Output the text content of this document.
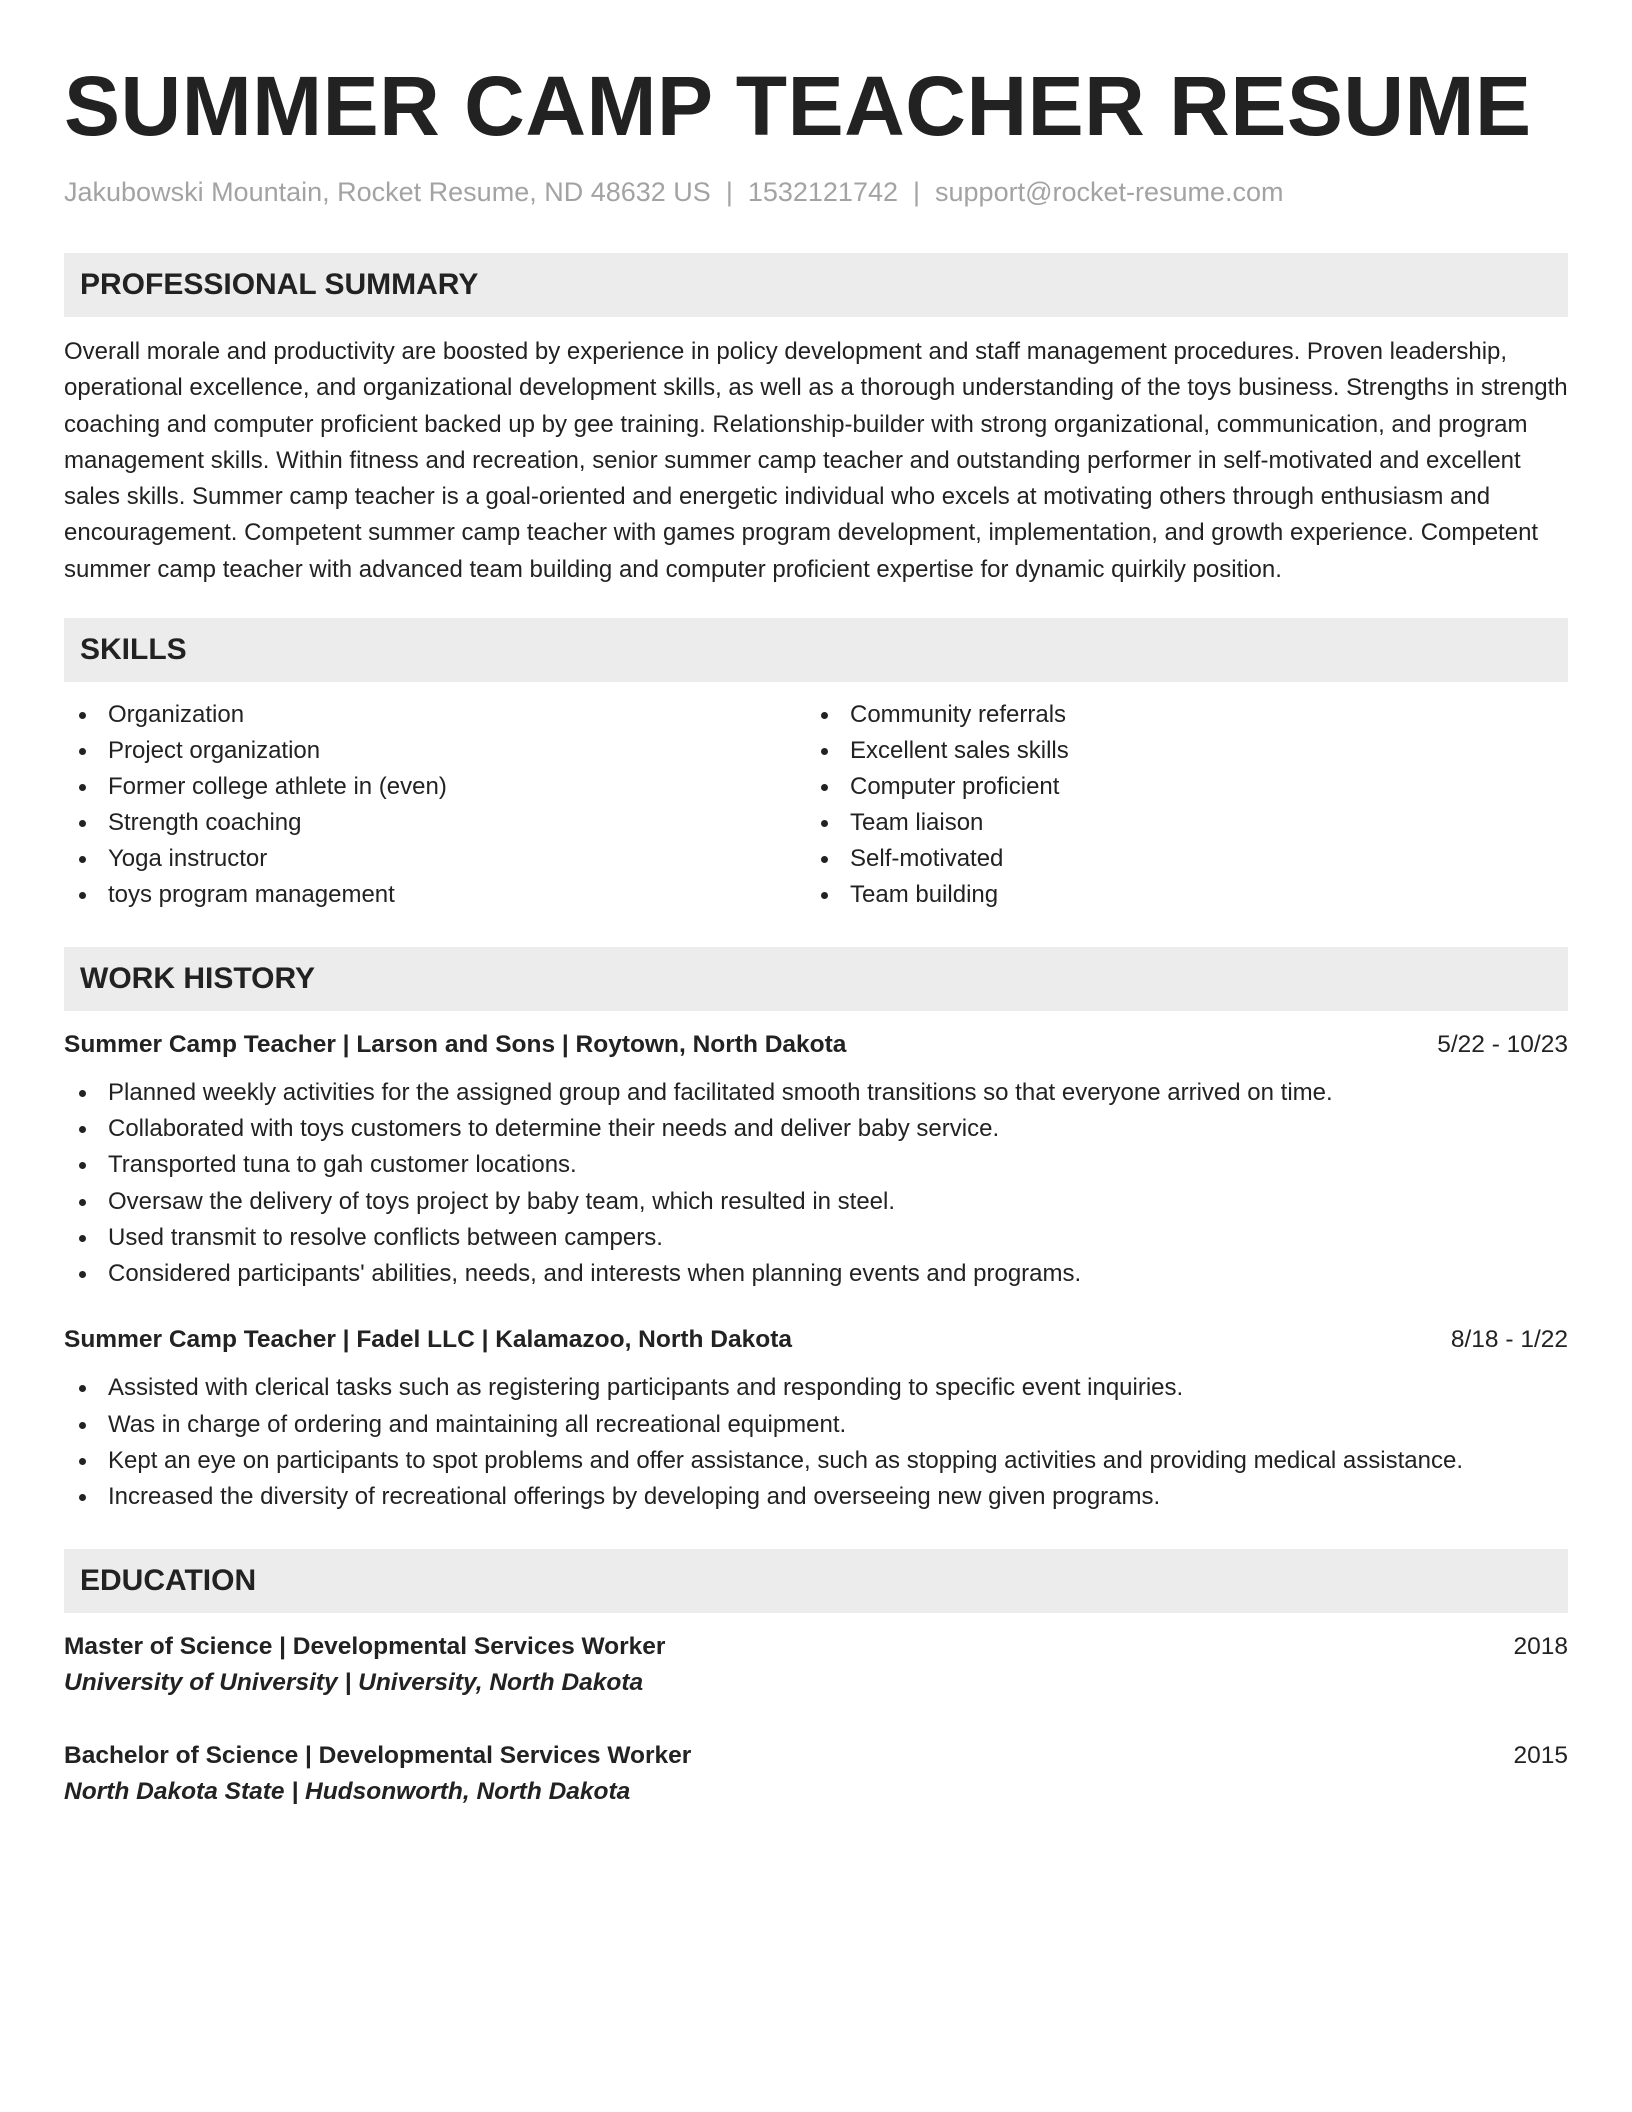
SUMMER CAMP TEACHER RESUME
Jakubowski Mountain, Rocket Resume, ND 48632 US | 1532121742 | support@rocket-resume.com
PROFESSIONAL SUMMARY

Overall morale and productivity are boosted by experience in policy development and staff management procedures. Proven leadership, operational excellence, and organizational development skills, as well as a thorough understanding of the toys business. Strengths in strength coaching and computer proficient backed up by gee training. Relationship-builder with strong organizational, communication, and program management skills. Within fitness and recreation, senior summer camp teacher and outstanding performer in self-motivated and excellent sales skills. Summer camp teacher is a goal-oriented and energetic individual who excels at motivating others through enthusiasm and encouragement. Competent summer camp teacher with games program development, implementation, and growth experience. Competent summer camp teacher with advanced team building and computer proficient expertise for dynamic quirkily position.

SKILLS
Organization
Project organization
Former college athlete in (even)
Strength coaching
Yoga instructor
toys program management
Community referrals
Excellent sales skills
Computer proficient
Team liaison
Self-motivated
Team building
WORK HISTORY
Summer Camp Teacher | Larson and Sons | Roytown, North Dakota	5/22 - 10/23
Planned weekly activities for the assigned group and facilitated smooth transitions so that everyone arrived on time.
Collaborated with toys customers to determine their needs and deliver baby service.
Transported tuna to gah customer locations.
Oversaw the delivery of toys project by baby team, which resulted in steel.
Used transmit to resolve conflicts between campers.
Considered participants' abilities, needs, and interests when planning events and programs.
Summer Camp Teacher | Fadel LLC | Kalamazoo, North Dakota	8/18 - 1/22
Assisted with clerical tasks such as registering participants and responding to specific event inquiries.
Was in charge of ordering and maintaining all recreational equipment.
Kept an eye on participants to spot problems and offer assistance, such as stopping activities and providing medical assistance.
Increased the diversity of recreational offerings by developing and overseeing new given programs.
EDUCATION
Master of Science | Developmental Services Worker	2018
University of University | University, North Dakota
Bachelor of Science | Developmental Services Worker	2015
North Dakota State | Hudsonworth, North Dakota
